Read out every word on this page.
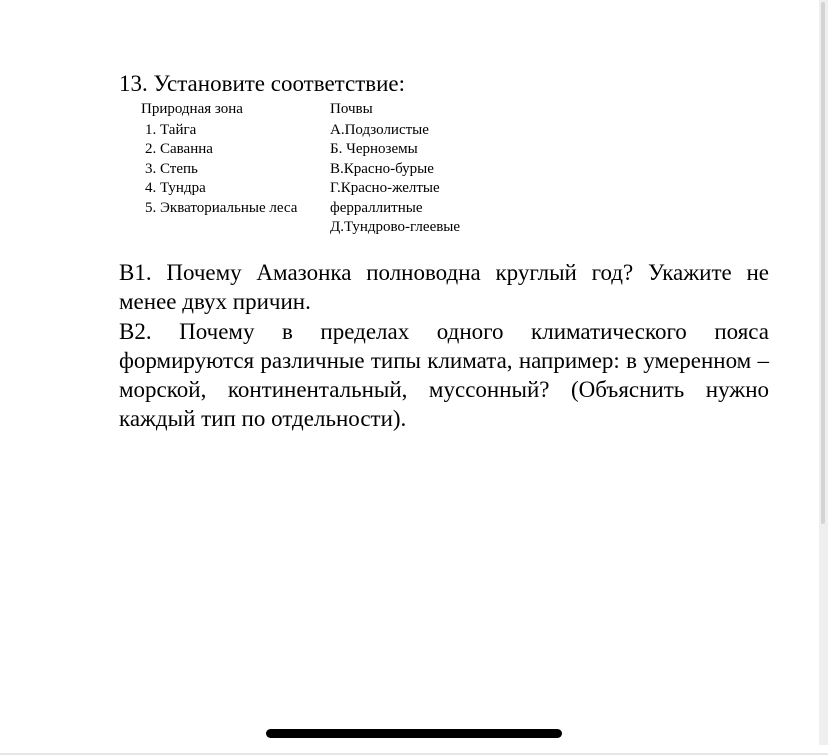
13. Установите соответствие:
Природная зона
1. Тайга
2. Саванна
3. Степь
4. Тундра
5. Экваториальные леса
Почвы
А.Подзолистые
Б. Черноземы
В.Красно-бурые
Г.Красно-желтые
ферраллитные
Д.Тундрово-глеевые

В1. Почему Амазонка полноводна круглый год? Укажите не менее двух причин.

В2. Почему в пределах одного климатического пояса формируются различные типы климата, например: в умеренном – морской, континентальный, муссонный? (Объяснить нужно каждый тип по отдельности).
